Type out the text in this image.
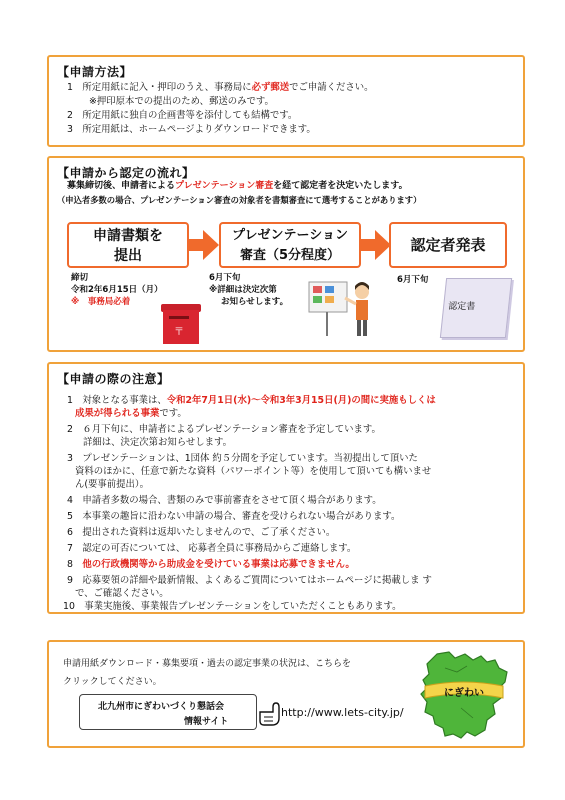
【申請方法】
1　所定用紙に記入・押印のうえ、事務局に必ず郵送でご申請ください。
※押印原本での提出のため、郵送のみです。
2　所定用紙に独自の企画書等を添付しても結構です。
3　所定用紙は、ホームページよりダウンロードできます。
【申請から認定の流れ】
募集締切後、申請者によるプレゼンテーション審査を経て認定者を決定いたします。
（申込者多数の場合、プレゼンテーション審査の対象者を書類審査にて選考することがあります）
申請書類を
提出
プレゼンテーション
審査（5分程度）
認定者発表
締切
令和2年6月15日（月）
※　事務局必着
6月下旬
※詳細は決定次第
お知らせします。
6月下旬
〒
認定書
【申請の際の注意】
1　対象となる事業は、令和2年7月1日(水)〜令和3年3月15日(月)の間に実施もしくは
成果が得られる事業です。
2　６月下旬に、申請者によるプレゼンテーション審査を予定しています。
詳細は、決定次第お知らせします。
3　プレゼンテーションは、1団体 約５分間を予定しています。当初提出して頂いた
資料のほかに、任意で新たな資料（パワーポイント等）を使用して頂いても構いませ
ん(要事前提出）。
4　申請者多数の場合、書類のみで事前審査をさせて頂く場合があります。
5　本事業の趣旨に沿わない申請の場合、審査を受けられない場合があります。
6　提出された資料は返却いたしませんので、ご了承ください。
7　認定の可否については、 応募者全員に事務局からご連絡します。
8　他の行政機関等から助成金を受けている事業は応募できません。
9　応募要領の詳細や最新情報、よくあるご質問についてはホームページに掲載しま す
で、ご確認ください。
10　事業実施後、事業報告プレゼンテーションをしていただくこともあります。
申請用紙ダウンロード・募集要項・過去の認定事業の状況は、こちらを
クリックしてください。
北九州市にぎわいづくり懇話会
情報サイト
http://www.lets-city.jp/
にぎわい
